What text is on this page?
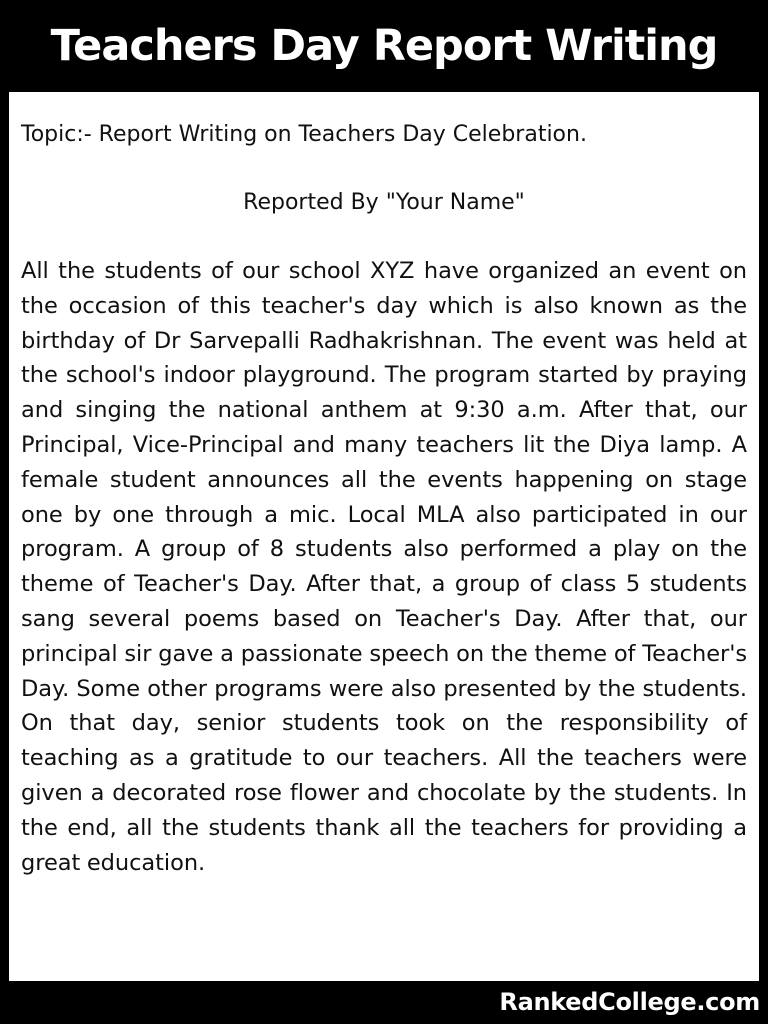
Teachers Day Report Writing

Topic:- Report Writing on Teachers Day Celebration.

Reported By "Your Name"

All the students of our school XYZ have organized an event on the occasion of this teacher's day which is also known as the birthday of Dr Sarvepalli Radhakrishnan. The event was held at the school's indoor playground. The program started by praying and singing the national anthem at 9:30 a.m. After that, our Principal, Vice-Principal and many teachers lit the Diya lamp. A female student announces all the events happening on stage one by one through a mic. Local MLA also participated in our program. A group of 8 students also performed a play on the theme of Teacher's Day. After that, a group of class 5 students sang several poems based on Teacher's Day. After that, our principal sir gave a passionate speech on the theme of Teacher's Day. Some other programs were also presented by the students. On that day, senior students took on the responsibility of teaching as a gratitude to our teachers. All the teachers were given a decorated rose flower and chocolate by the students. In the end, all the students thank all the teachers for providing a great education.

RankedCollege.com
